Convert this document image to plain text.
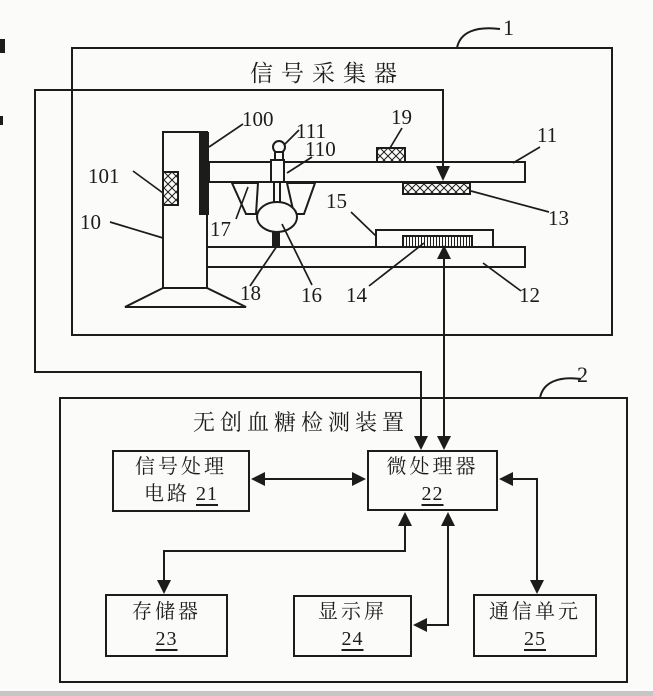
信号采集器
无创血糖检测装置
1
2
100 111
110
19
11
101
10	17
15
13
18 16 14	12
信号处理
电路 21
微处理器
22
存储器
23
显示屏
24
通信单元
25
